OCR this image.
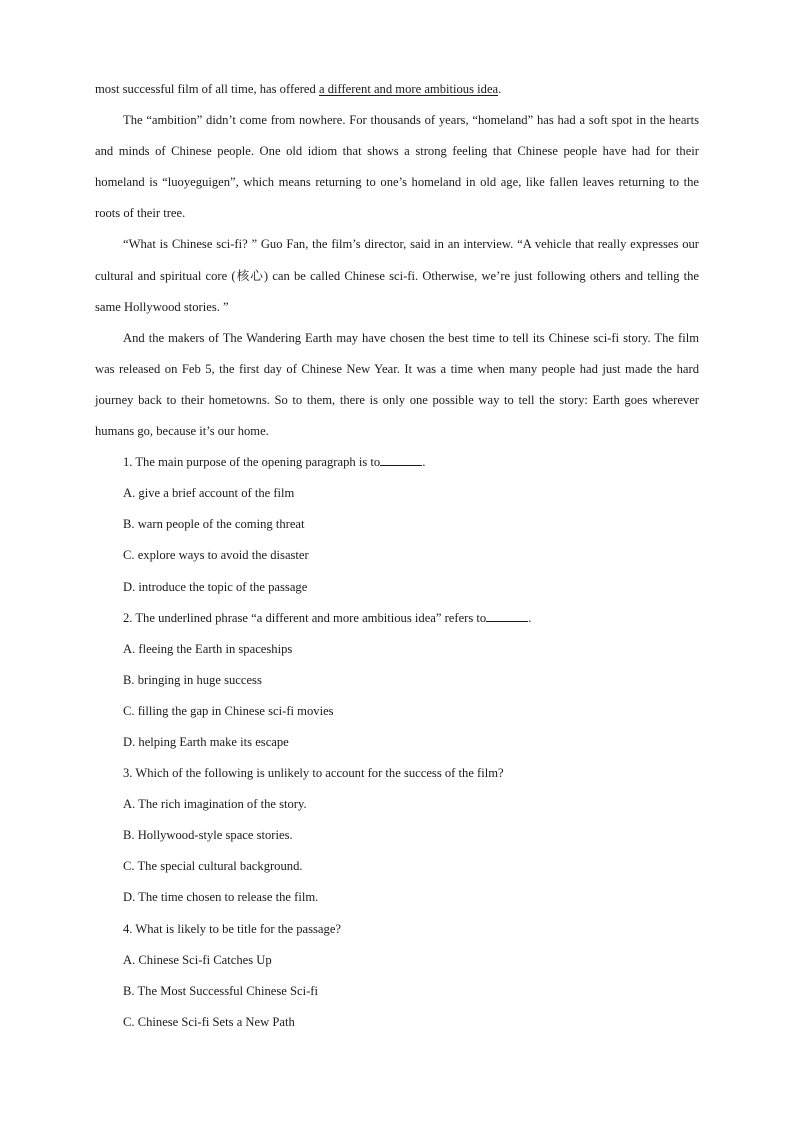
most successful film of all time, has offered a different and more ambitious idea.

The “ambition” didn’t come from nowhere. For thousands of years, “homeland” has had a soft spot in the hearts and minds of Chinese people. One old idiom that shows a strong feeling that Chinese people have had for their homeland is “luoyeguigen”, which means returning to one’s homeland in old age, like fallen leaves returning to the roots of their tree.

“What is Chinese sci-fi? ” Guo Fan, the film’s director, said in an interview. “A vehicle that really expresses our cultural and spiritual core (核心) can be called Chinese sci-fi. Otherwise, we’re just following others and telling the same Hollywood stories. ”

And the makers of The Wandering Earth may have chosen the best time to tell its Chinese sci-fi story. The film was released on Feb 5, the first day of Chinese New Year. It was a time when many people had just made the hard journey back to their hometowns. So to them, there is only one possible way to tell the story: Earth goes wherever humans go, because it’s our home.

1. The main purpose of the opening paragraph is to	.

A. give a brief account of the film

B. warn people of the coming threat

C. explore ways to avoid the disaster

D. introduce the topic of the passage

2. The underlined phrase “a different and more ambitious idea” refers to	.

A. fleeing the Earth in spaceships

B. bringing in huge success

C. filling the gap in Chinese sci-fi movies

D. helping Earth make its escape

3. Which of the following is unlikely to account for the success of the film?

A. The rich imagination of the story.

B. Hollywood-style space stories.

C. The special cultural background.

D. The time chosen to release the film.

4. What is likely to be title for the passage?

A. Chinese Sci-fi Catches Up

B. The Most Successful Chinese Sci-fi

C. Chinese Sci-fi Sets a New Path
